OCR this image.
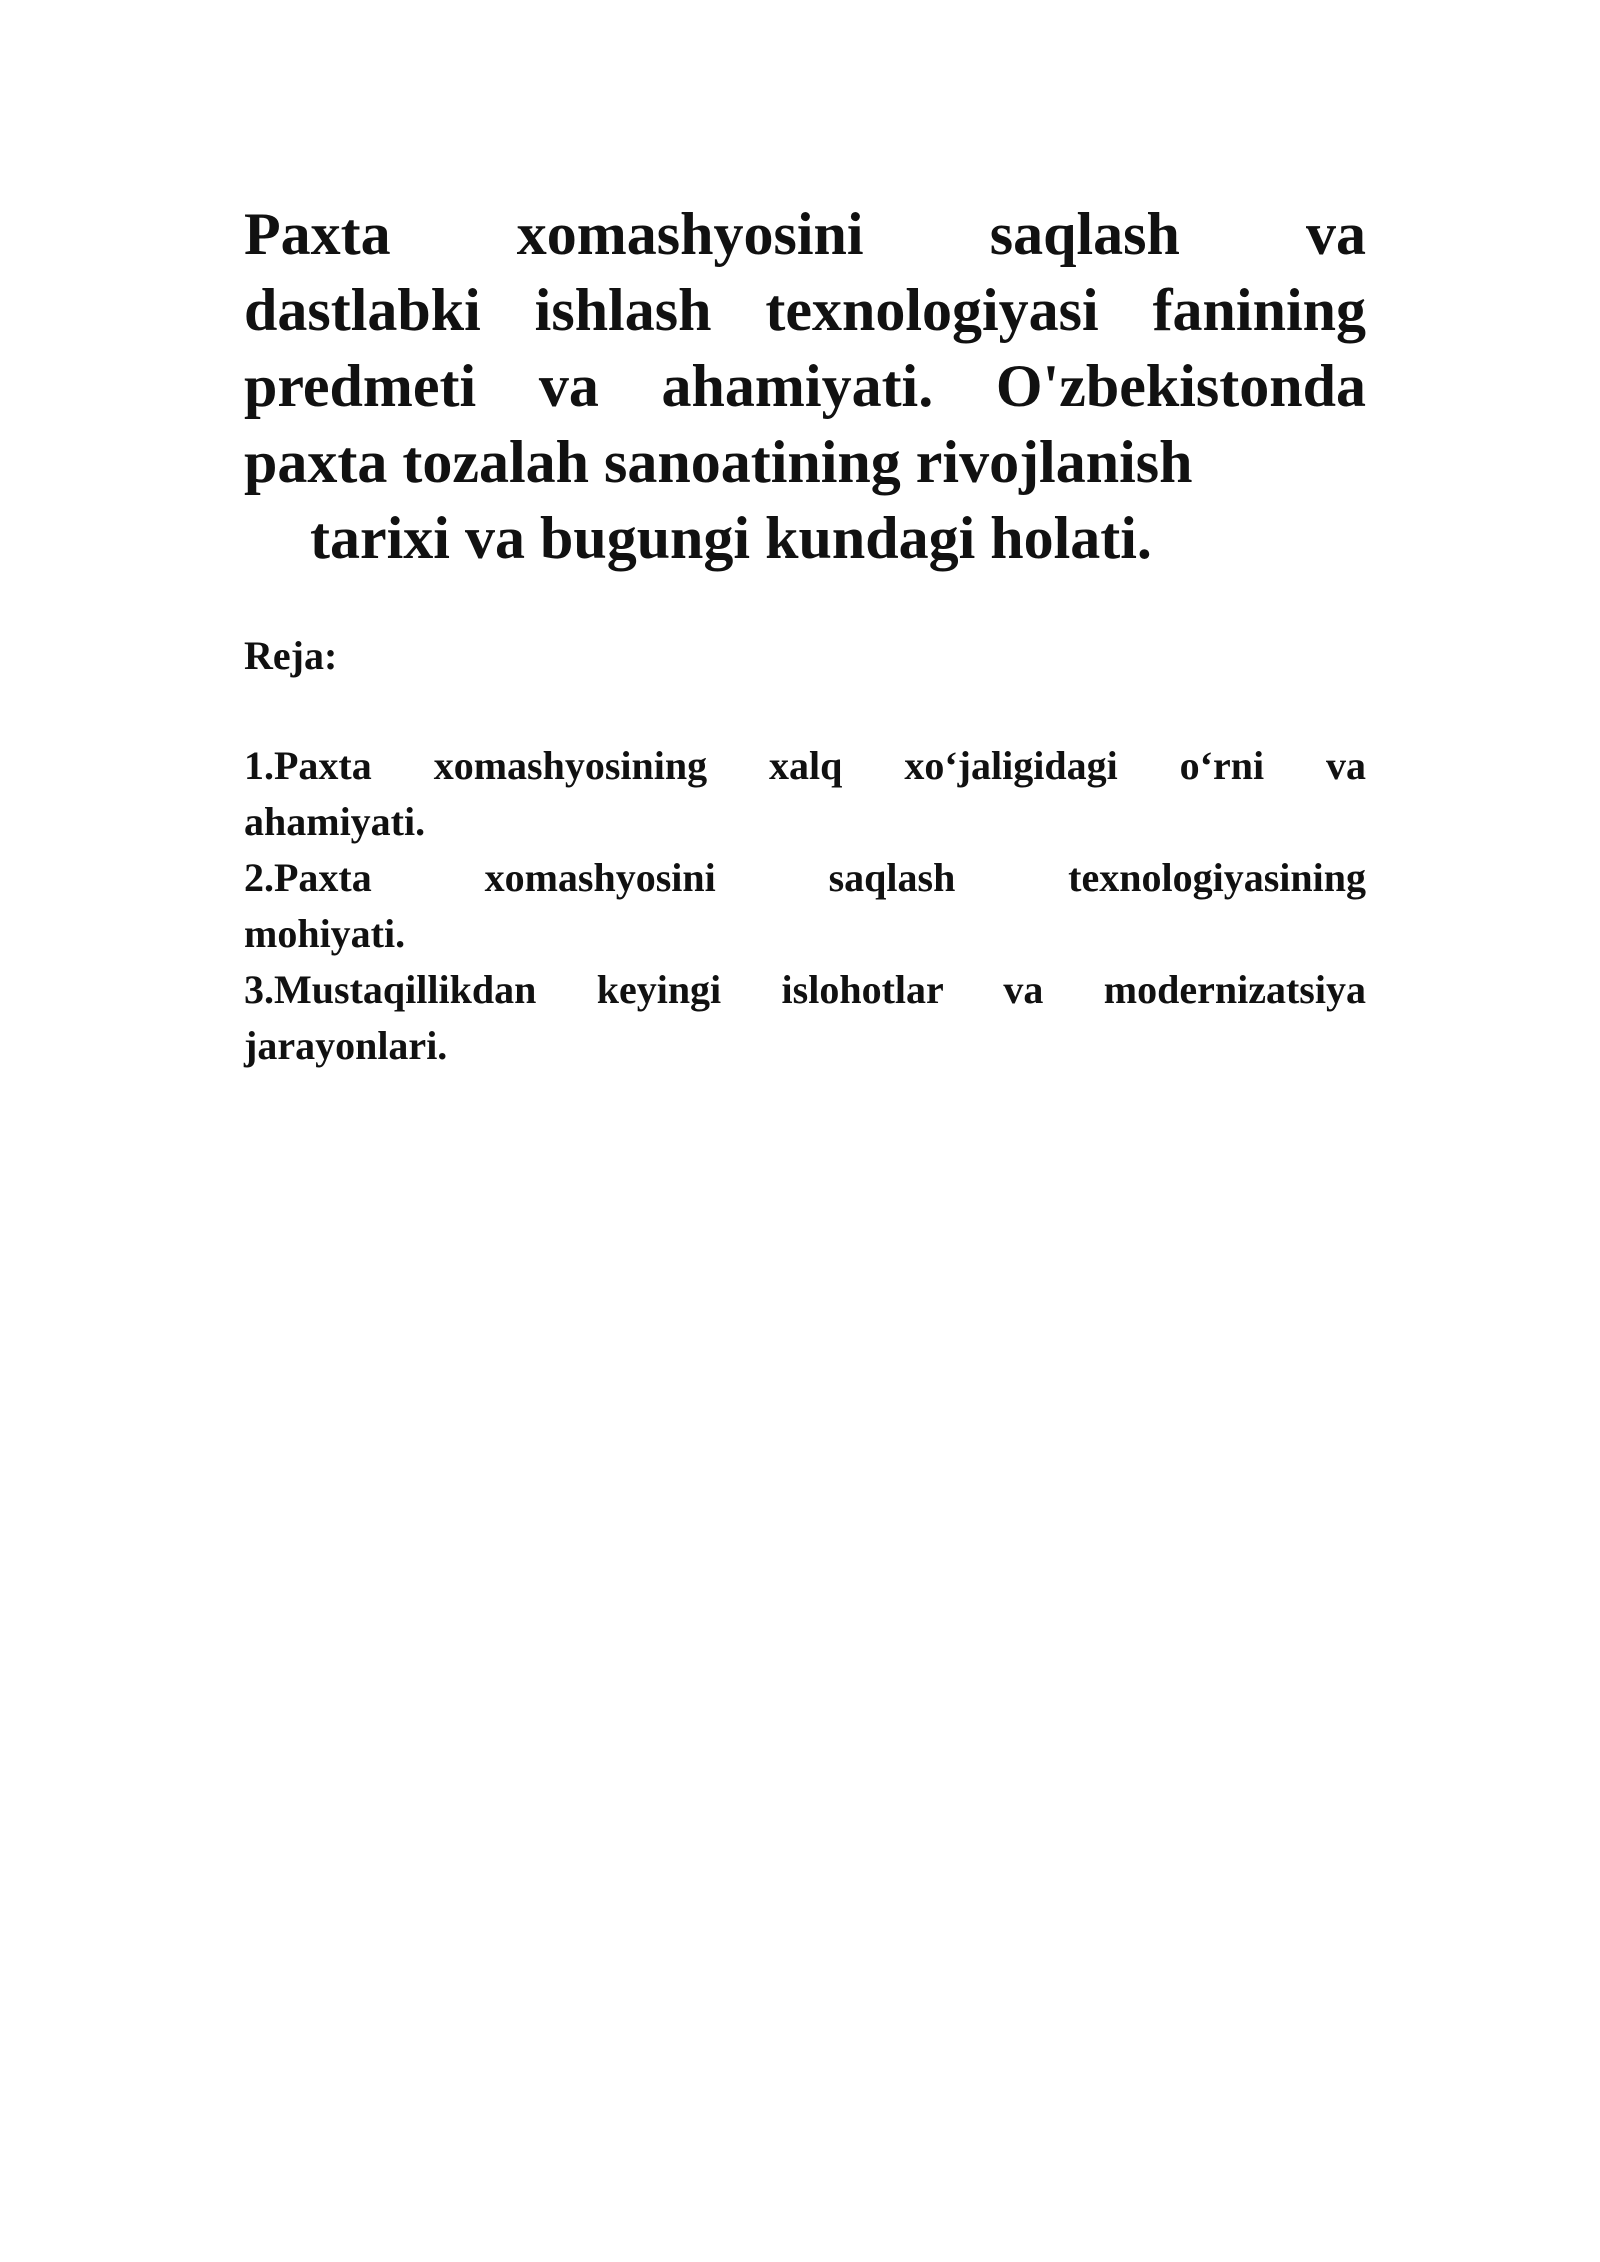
Paxta xomashyosini saqlash va
dastlabki ishlash texnologiyasi fanining
predmeti va ahamiyati. O'zbekistonda
paxta tozalah sanoatining rivojlanish
tarixi va bugungi kundagi holati.

Reja:

1.Paxta xomashyosining xalq xo‘jaligidagi o‘rni va
ahamiyati.
2.Paxta xomashyosini saqlash texnologiyasining
mohiyati.
3.Mustaqillikdan keyingi islohotlar va modernizatsiya
jarayonlari.
